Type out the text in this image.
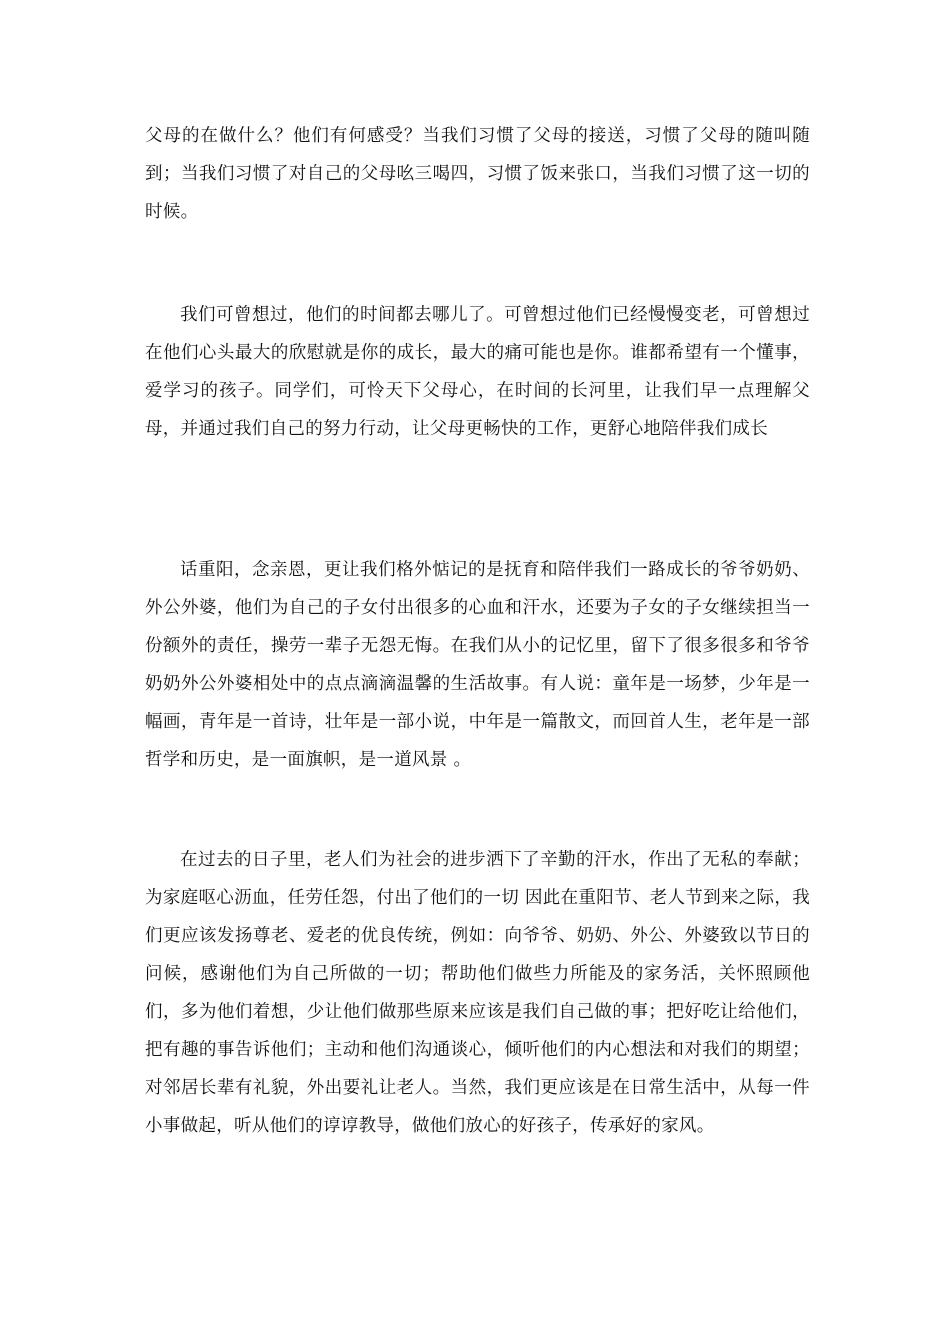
父母的在做什么？他们有何感受？当我们习惯了父母的接送，习惯了父母的随叫随到；当我们习惯了对自己的父母吆三喝四，习惯了饭来张口，当我们习惯了这一切的时候。

我们可曾想过，他们的时间都去哪儿了。可曾想过他们已经慢慢变老，可曾想过在他们心头最大的欣慰就是你的成长，最大的痛可能也是你。谁都希望有一个懂事，爱学习的孩子。同学们，可怜天下父母心，在时间的长河里，让我们早一点理解父母，并通过我们自己的努力行动，让父母更畅快的工作，更舒心地陪伴我们成长

话重阳，念亲恩，更让我们格外惦记的是抚育和陪伴我们一路成长的爷爷奶奶、外公外婆，他们为自己的子女付出很多的心血和汗水，还要为子女的子女继续担当一份额外的责任，操劳一辈子无怨无悔。在我们从小的记忆里，留下了很多很多和爷爷奶奶外公外婆相处中的点点滴滴温馨的生活故事。有人说：童年是一场梦，少年是一幅画，青年是一首诗，壮年是一部小说，中年是一篇散文，而回首人生，老年是一部哲学和历史，是一面旗帜，是一道风景 。

在过去的日子里，老人们为社会的进步洒下了辛勤的汗水，作出了无私的奉献；为家庭呕心沥血，任劳任怨，付出了他们的一切 因此在重阳节、老人节到来之际，我们更应该发扬尊老、爱老的优良传统，例如：向爷爷、奶奶、外公、外婆致以节日的问候，感谢他们为自己所做的一切；帮助他们做些力所能及的家务活，关怀照顾他们，多为他们着想，少让他们做那些原来应该是我们自己做的事；把好吃让给他们，把有趣的事告诉他们；主动和他们沟通谈心，倾听他们的内心想法和对我们的期望；对邻居长辈有礼貌，外出要礼让老人。当然，我们更应该是在日常生活中，从每一件小事做起，听从他们的谆谆教导，做他们放心的好孩子，传承好的家风。
